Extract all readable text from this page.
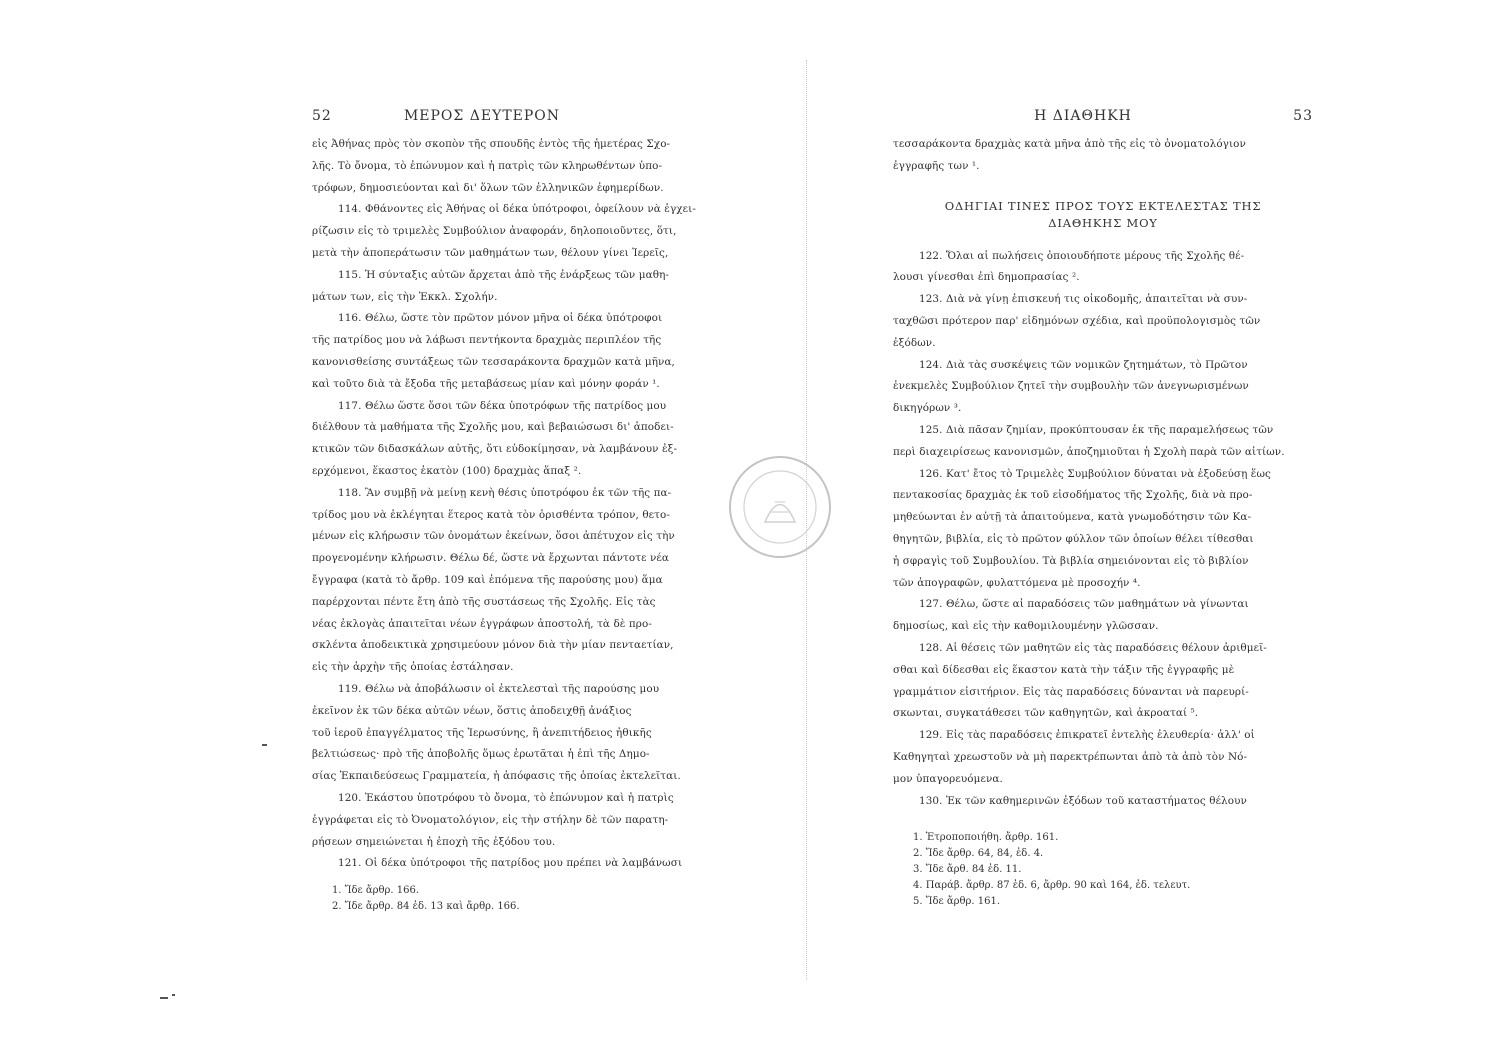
52	ΜΕΡΟΣ ΔΕΥΤΕΡΟΝ
εἰς Ἀθήνας πρὸς τὸν σκοπὸν τῆς σπουδῆς ἐντὸς τῆς ἡμετέρας Σχο-
λῆς. Τὸ ὄνομα, τὸ ἐπώνυμον καὶ ἡ πατρὶς τῶν κληρωθέντων ὑπο-
τρόφων, δημοσιεύονται καὶ δι' ὅλων τῶν ἑλληνικῶν ἐφημερίδων.
114. Φθάνοντες εἰς Ἀθήνας οἱ δέκα ὑπότροφοι, ὀφείλουν νὰ ἐγχει-
ρίζωσιν εἰς τὸ τριμελὲς Συμβούλιον ἀναφοράν, δηλοποιοῦντες, ὅτι,
μετὰ τὴν ἀποπεράτωσιν τῶν μαθημάτων των, θέλουν γίνει Ἱερεῖς,
115. Ἡ σύνταξις αὐτῶν ἄρχεται ἀπὸ τῆς ἐνάρξεως τῶν μαθη-
μάτων των, εἰς τὴν Ἐκκλ. Σχολήν.
116. Θέλω, ὥστε τὸν πρῶτον μόνον μῆνα οἱ δέκα ὑπότροφοι
τῆς πατρίδος μου νὰ λάβωσι πεντήκοντα δραχμὰς περιπλέον τῆς
κανονισθείσης συντάξεως τῶν τεσσαράκοντα δραχμῶν κατὰ μῆνα,
καὶ τοῦτο διὰ τὰ ἔξοδα τῆς μεταβάσεως μίαν καὶ μόνην φοράν ¹.
117. Θέλω ὥστε ὅσοι τῶν δέκα ὑποτρόφων τῆς πατρίδος μου
διέλθουν τὰ μαθήματα τῆς Σχολῆς μου, καὶ βεβαιώσωσι δι' ἀποδει-
κτικῶν τῶν διδασκάλων αὐτῆς, ὅτι εὐδοκίμησαν, νὰ λαμβάνουν ἐξ-
ερχόμενοι, ἕκαστος ἑκατὸν (100) δραχμὰς ἅπαξ ².
118. Ἂν συμβῇ νὰ μείνῃ κενὴ θέσις ὑποτρόφου ἐκ τῶν τῆς πα-
τρίδος μου νὰ ἐκλέγηται ἕτερος κατὰ τὸν ὁρισθέντα τρόπον, θετο-
μένων εἰς κλήρωσιν τῶν ὀνομάτων ἐκείνων, ὅσοι ἀπέτυχον εἰς τὴν
προγενομένην κλήρωσιν. Θέλω δέ, ὥστε νὰ ἔρχωνται πάντοτε νέα
ἔγγραφα (κατὰ τὸ ἄρθρ. 109 καὶ ἑπόμενα τῆς παρούσης μου) ἅμα
παρέρχονται πέντε ἔτη ἀπὸ τῆς συστάσεως τῆς Σχολῆς. Εἰς τὰς
νέας ἐκλογὰς ἀπαιτεῖται νέων ἐγγράφων ἀποστολή, τὰ δὲ προ-
σκλέντα ἀποδεικτικὰ χρησιμεύουν μόνον διὰ τὴν μίαν πενταετίαν,
εἰς τὴν ἀρχὴν τῆς ὁποίας ἐστάλησαν.
119. Θέλω νὰ ἀποβάλωσιν οἱ ἐκτελεσταὶ τῆς παρούσης μου
ἐκεῖνον ἐκ τῶν δέκα αὐτῶν νέων, ὅστις ἀποδειχθῇ ἀνάξιος
τοῦ ἱεροῦ ἐπαγγέλματος τῆς Ἱερωσύνης, ἢ ἀνεπιτήδειος ἠθικῆς
βελτιώσεως· πρὸ τῆς ἀποβολῆς ὅμως ἐρωτᾶται ἡ ἐπὶ τῆς Δημο-
σίας Ἐκπαιδεύσεως Γραμματεία, ἡ ἀπόφασις τῆς ὁποίας ἐκτελεῖται.
120. Ἑκάστου ὑποτρόφου τὸ ὄνομα, τὸ ἐπώνυμον καὶ ἡ πατρὶς
ἐγγράφεται εἰς τὸ Ὀνοματολόγιον, εἰς τὴν στήλην δὲ τῶν παρατη-
ρήσεων σημειώνεται ἡ ἐποχὴ τῆς ἐξόδου του.
121. Οἱ δέκα ὑπότροφοι τῆς πατρίδος μου πρέπει νὰ λαμβάνωσι
1. Ἴδε ἄρθρ. 166.
2. Ἴδε ἄρθρ. 84 ἐδ. 13 καὶ ἄρθρ. 166.
Η ΔΙΑΘΗΚΗ	53
τεσσαράκοντα δραχμὰς κατὰ μῆνα ἀπὸ τῆς εἰς τὸ ὀνοματολόγιον
ἐγγραφῆς των ¹.
ΟΔΗΓΙΑΙ ΤΙΝΕΣ ΠΡΟΣ ΤΟΥΣ ΕΚΤΕΛΕΣΤΑΣ ΤΗΣ
ΔΙΑΘΗΚΗΣ ΜΟΥ
122. Ὅλαι αἱ πωλήσεις ὁποιουδήποτε μέρους τῆς Σχολῆς θέ-
λουσι γίνεσθαι ἐπὶ δημοπρασίας ².
123. Διὰ νὰ γίνῃ ἐπισκευή τις οἰκοδομῆς, ἀπαιτεῖται νὰ συν-
ταχθῶσι πρότερον παρ' εἰδημόνων σχέδια, καὶ προϋπολογισμὸς τῶν
ἐξόδων.
124. Διὰ τὰς συσκέψεις τῶν νομικῶν ζητημάτων, τὸ Πρῶτον
ἐνεκμελὲς Συμβούλιον ζητεῖ τὴν συμβουλὴν τῶν ἀνεγνωρισμένων
δικηγόρων ³.
125. Διὰ πᾶσαν ζημίαν, προκύπτουσαν ἐκ τῆς παραμελήσεως τῶν
περὶ διαχειρίσεως κανονισμῶν, ἀποζημιοῦται ἡ Σχολὴ παρὰ τῶν αἰτίων.
126. Κατ' ἔτος τὸ Τριμελὲς Συμβούλιον δύναται νὰ ἐξοδεύσῃ ἕως
πεντακοσίας δραχμὰς ἐκ τοῦ εἰσοδήματος τῆς Σχολῆς, διὰ νὰ προ-
μηθεύωνται ἐν αὐτῇ τὰ ἀπαιτούμενα, κατὰ γνωμοδότησιν τῶν Κα-
θηγητῶν, βιβλία, εἰς τὸ πρῶτον φύλλον τῶν ὁποίων θέλει τίθεσθαι
ἡ σφραγὶς τοῦ Συμβουλίου. Τὰ βιβλία σημειόνονται εἰς τὸ βιβλίον
τῶν ἀπογραφῶν, φυλαττόμενα μὲ προσοχήν ⁴.
127. Θέλω, ὥστε αἱ παραδόσεις τῶν μαθημάτων νὰ γίνωνται
δημοσίως, καὶ εἰς τὴν καθομιλουμένην γλῶσσαν.
128. Αἱ θέσεις τῶν μαθητῶν εἰς τὰς παραδόσεις θέλουν ἀριθμεῖ-
σθαι καὶ δίδεσθαι εἰς ἕκαστον κατὰ τὴν τάξιν τῆς ἐγγραφῆς μὲ
γραμμάτιον εἰσιτήριον. Εἰς τὰς παραδόσεις δύνανται νὰ παρευρί-
σκωνται, συγκατάθεσει τῶν καθηγητῶν, καὶ ἀκροαταί ⁵.
129. Εἰς τὰς παραδόσεις ἐπικρατεῖ ἐντελὴς ἐλευθερία· ἀλλ' οἱ
Καθηγηταὶ χρεωστοῦν νὰ μὴ παρεκτρέπωνται ἀπὸ τὰ ἀπὸ τὸν Νό-
μον ὑπαγορευόμενα.
130. Ἐκ τῶν καθημερινῶν ἐξόδων τοῦ καταστήματος θέλουν
1. Ἐτροποποιήθη. ἄρθρ. 161.
2. Ἴδε ἄρθρ. 64, 84, ἐδ. 4.
3. Ἴδε ἄρθ. 84 ἐδ. 11.
4. Παράβ. ἄρθρ. 87 ἐδ. 6, ἄρθρ. 90 καὶ 164, ἐδ. τελευτ.
5. Ἴδε ἄρθρ. 161.
